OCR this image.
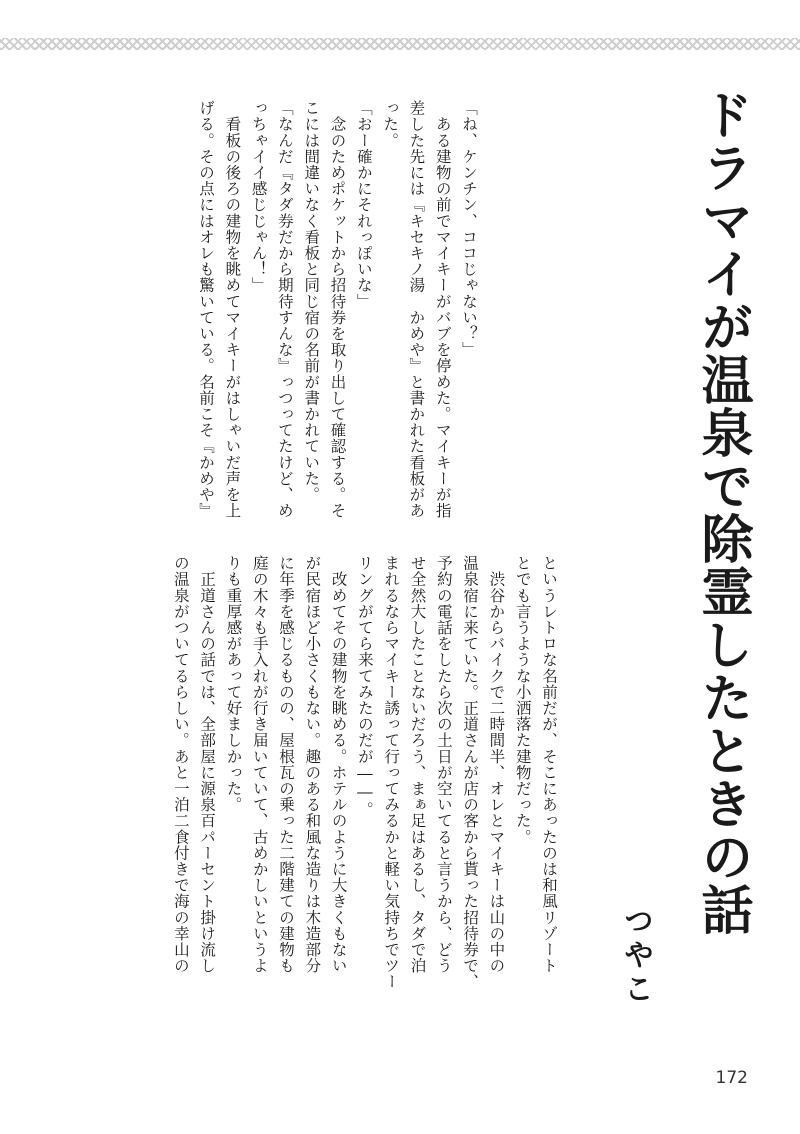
ドラマイが温泉で除霊したときの話
つやこ

「ね、ケンチン、ココじゃない？」

　ある建物の前でマイキーがバブを停めた。マイキーが指

差した先には『キセキノ湯　かめや』と書かれた看板があ

った。

「おー確かにそれっぽいな」

　念のためポケットから招待券を取り出して確認する。そ

こには間違いなく看板と同じ宿の名前が書かれていた。

「なんだ『タダ券だから期待すんな』っつってたけど、め

っちゃイイ感じじゃん！」

　看板の後ろの建物を眺めてマイキーがはしゃいだ声を上

げる。その点にはオレも驚いている。名前こそ『かめや』

というレトロな名前だが、そこにあったのは和風リゾート

とでも言うような小洒落た建物だった。

　渋谷からバイクで二時間半、オレとマイキーは山の中の

温泉宿に来ていた。正道さんが店の客から貰った招待券で、

予約の電話をしたら次の土日が空いてると言うから、どう

せ全然大したことないだろう、まぁ足はあるし、タダで泊

まれるならマイキー誘って行ってみるかと軽い気持ちでツー

リングがてら来てみたのだが――。

　改めてその建物を眺める。ホテルのように大きくもない

が民宿ほど小さくもない。趣のある和風な造りは木造部分

に年季を感じるものの、屋根瓦の乗った二階建ての建物も

庭の木々も手入れが行き届いていて、古めかしいというよ

りも重厚感があって好ましかった。

　正道さんの話では、全部屋に源泉百パーセント掛け流し

の温泉がついてるらしい。あと一泊二食付きで海の幸山の

172
